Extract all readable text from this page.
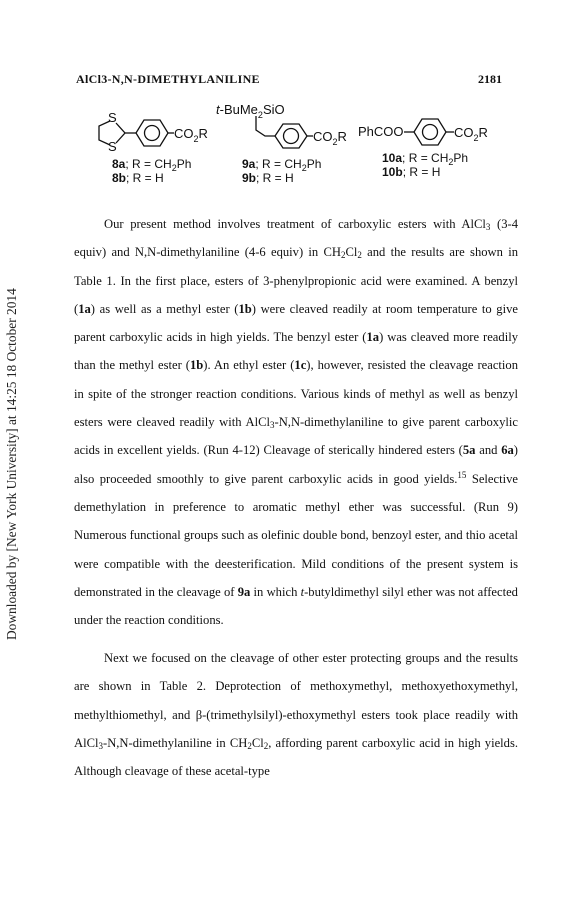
Downloaded by [New York University] at 14:25 18 October 2014
AlCl3-N,N-DIMETHYLANILINE	2181
S
S
$CO_2R$
8a; $R = CH_2Ph$
8b; R = H
t-BuMe$_2$SiO
$CO_2R$
9a; $R = CH_2Ph$
9b; R = H
PhCOO	$CO_2R$
10a; $R = CH_2Ph$
10b; R = H

Our present method involves treatment of carboxylic esters with AlCl$_3$ (3-4 equiv) and N,N-dimethylaniline (4-6 equiv) in $CH_2Cl_2$ and the results are shown in Table 1. In the first place, esters of 3-phenylpropionic acid were examined. A benzyl (1a) as well as a methyl ester (1b) were cleaved readily at room temperature to give parent carboxylic acids in high yields. The benzyl ester (1a) was cleaved more readily than the methyl ester (1b). An ethyl ester (1c), however, resisted the cleavage reaction in spite of the stronger reaction conditions. Various kinds of methyl as well as benzyl esters were cleaved readily with AlCl$_3$-N,N-dimethylaniline to give parent carboxylic acids in excellent yields. (Run 4-12) Cleavage of sterically hindered esters (5a and 6a) also proceeded smoothly to give parent carboxylic acids in good yields.$^{15}$ Selective demethylation in preference to aromatic methyl ether was successful. (Run 9) Numerous functional groups such as olefinic double bond, benzoyl ester, and thio acetal were compatible with the deesterification. Mild conditions of the present system is demonstrated in the cleavage of 9a in which t-butyldimethyl silyl ether was not affected under the reaction conditions.

Next we focused on the cleavage of other ester protecting groups and the results are shown in Table 2. Deprotection of methoxymethyl, methoxyethoxymethyl, methylthiomethyl, and β-(trimethylsilyl)-ethoxymethyl esters took place readily with AlCl$_3$-N,N-dimethylaniline in $CH_2Cl_2$, affording parent carboxylic acid in high yields. Although cleavage of these acetal-type
